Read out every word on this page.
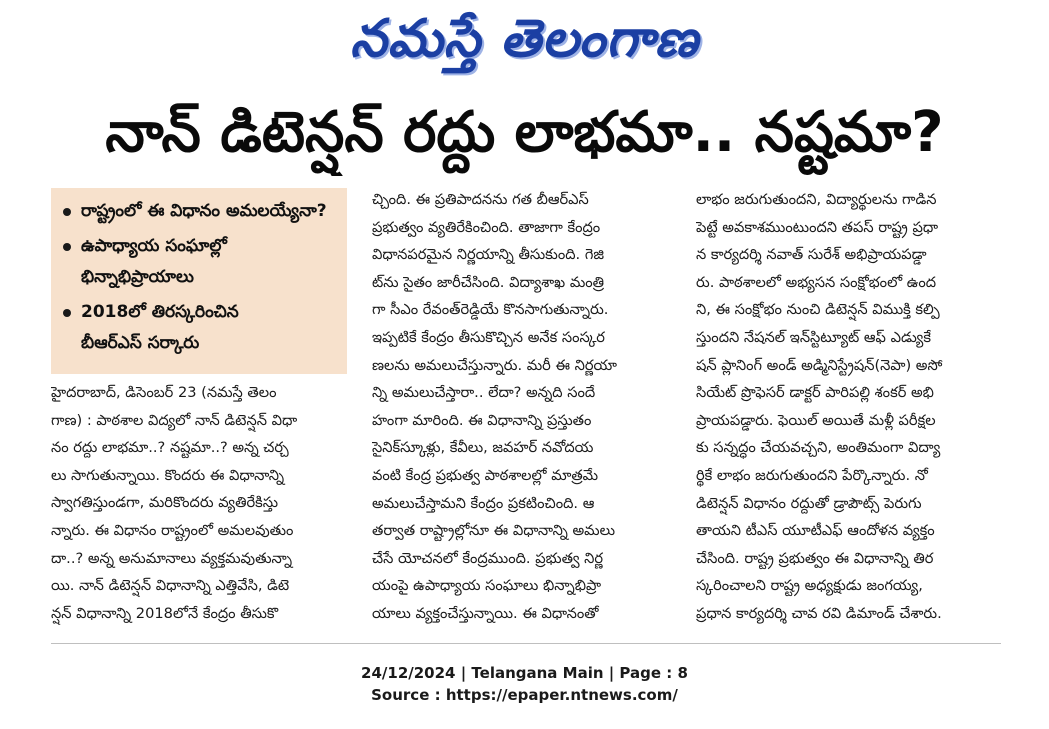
నమస్తే తెలంగాణ
నాన్ డిటెన్షన్ రద్దు లాభమా.. నష్టమా?
రాష్ట్రంలో ఈ విధానం అమలయ్యేనా?
ఉపాధ్యాయ సంఘాల్లో
భిన్నాభిప్రాయాలు
2018లో తిరస్కరించిన
బీఆర్ఎస్ సర్కారు
హైదరాబాద్, డిసెంబర్ 23 (నమస్తే తెలం
గాణ) : పాఠశాల విద్యలో నాన్ డిటెన్షన్ విధా
నం రద్దు లాభమా..? నష్టమా..? అన్న చర్చ
లు సాగుతున్నాయి. కొందరు ఈ విధానాన్ని
స్వాగతిస్తుండగా, మరికొందరు వ్యతిరేకిస్తు
న్నారు. ఈ విధానం రాష్ట్రంలో అమలవుతుం
దా..? అన్న అనుమానాలు వ్యక్తమవుతున్నా
యి. నాన్ డిటెన్షన్ విధానాన్ని ఎత్తివేసి, డిటె
న్షన్ విధానాన్ని 2018లోనే కేంద్రం తీసుకొ
చ్చింది. ఈ ప్రతిపాదనను గత బీఆర్ఎస్
ప్రభుత్వం వ్యతిరేకించింది. తాజాగా కేంద్రం
విధానపరమైన నిర్ణయాన్ని తీసుకుంది. గెజి
ట్‌ను సైతం జారీచేసింది. విద్యాశాఖ మంత్రి
గా సీఎం రేవంత్‌రెడ్డియే కొనసాగుతున్నారు.
ఇప్పటికే కేంద్రం తీసుకొచ్చిన అనేక సంస్కర
ణలను అమలుచేస్తున్నారు. మరీ ఈ నిర్ణయా
న్ని అమలుచేస్తారా.. లేదా? అన్నది సందే
హంగా మారింది. ఈ విధానాన్ని ప్రస్తుతం
సైనిక్‌స్కూళ్లు, కేవీలు, జవహర్ నవోదయ
వంటి కేంద్ర ప్రభుత్వ పాఠశాలల్లో మాత్రమే
అమలుచేస్తామని కేంద్రం ప్రకటించింది. ఆ
తర్వాత రాష్ట్రాల్లోనూ ఈ విధానాన్ని అమలు
చేసే యోచనలో కేంద్రముంది. ప్రభుత్వ నిర్ణ
యంపై ఉపాధ్యాయ సంఘాలు భిన్నాభిప్రా
యాలు వ్యక్తంచేస్తున్నాయి. ఈ విధానంతో
లాభం జరుగుతుందని, విద్యార్థులను గాడిన
పెట్టే అవకాశముంటుందని తపస్ రాష్ట్ర ప్రధా
న కార్యదర్శి నవాత్ సురేశ్ అభిప్రాయపడ్డా
రు. పాఠశాలలో అభ్యసన సంక్షోభంలో ఉంద
ని, ఈ సంక్షోభం నుంచి డిటెన్షన్ విముక్తి కల్పి
స్తుందని నేషనల్ ఇన్‌స్టిట్యూట్ ఆఫ్ ఎడ్యుకే
షన్ ప్లానింగ్ అండ్ అడ్మినిస్ట్రేషన్(నెపా) అసో
సియేట్ ప్రొఫెసర్ డాక్టర్ పారిపల్లి శంకర్ అభి
ప్రాయపడ్డారు. ఫెయిల్ అయితే మళ్లీ పరీక్షల
కు సన్నద్ధం చేయవచ్చని, అంతిమంగా విద్యా
ర్థికే లాభం జరుగుతుందని పేర్కొన్నారు. నో
డిటెన్షన్ విధానం రద్దుతో డ్రాపౌట్స్ పెరుగు
తాయని టీఎస్ యూటీఎఫ్ ఆందోళన వ్యక్తం
చేసింది. రాష్ట్ర ప్రభుత్వం ఈ విధానాన్ని తిర
స్కరించాలని రాష్ట్ర అధ్యక్షుడు జంగయ్య,
ప్రధాన కార్యదర్శి చావ రవి డిమాండ్ చేశారు.
24/12/2024 | Telangana Main | Page : 8
Source : https://epaper.ntnews.com/
